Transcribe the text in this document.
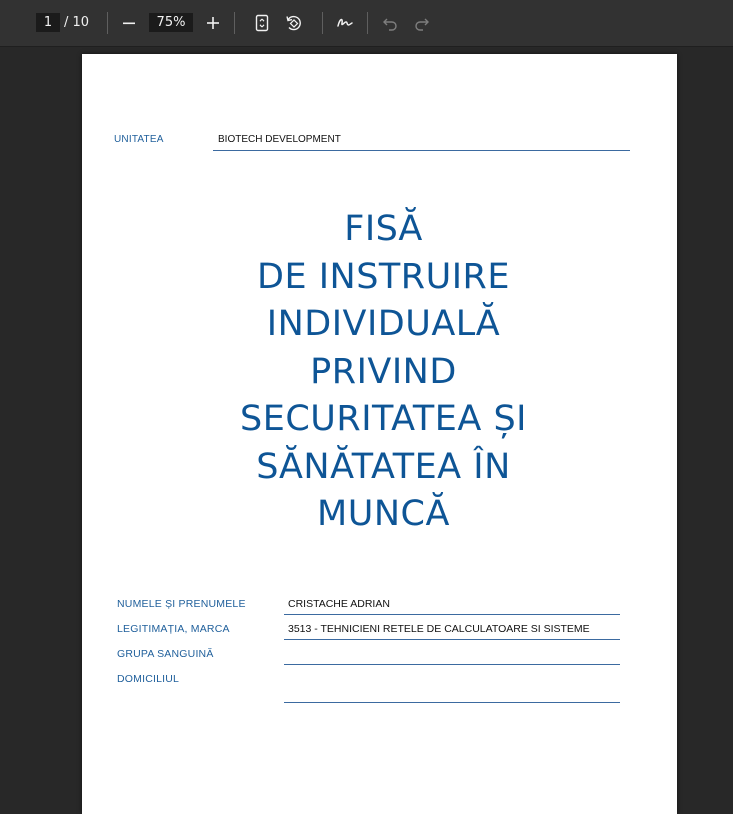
1 / 10	75%
UNITATEA	BIOTECH DEVELOPMENT
FISĂ
DE INSTRUIRE
INDIVIDUALĂ
PRIVIND
SECURITATEA ȘI
SĂNĂTATEA ÎN
MUNCĂ
NUMELE ȘI PRENUMELE	CRISTACHE ADRIAN
LEGITIMAȚIA, MARCA	3513 - TEHNICIENI RETELE DE CALCULATOARE SI SISTEME
GRUPA SANGUINĂ
DOMICILIUL
